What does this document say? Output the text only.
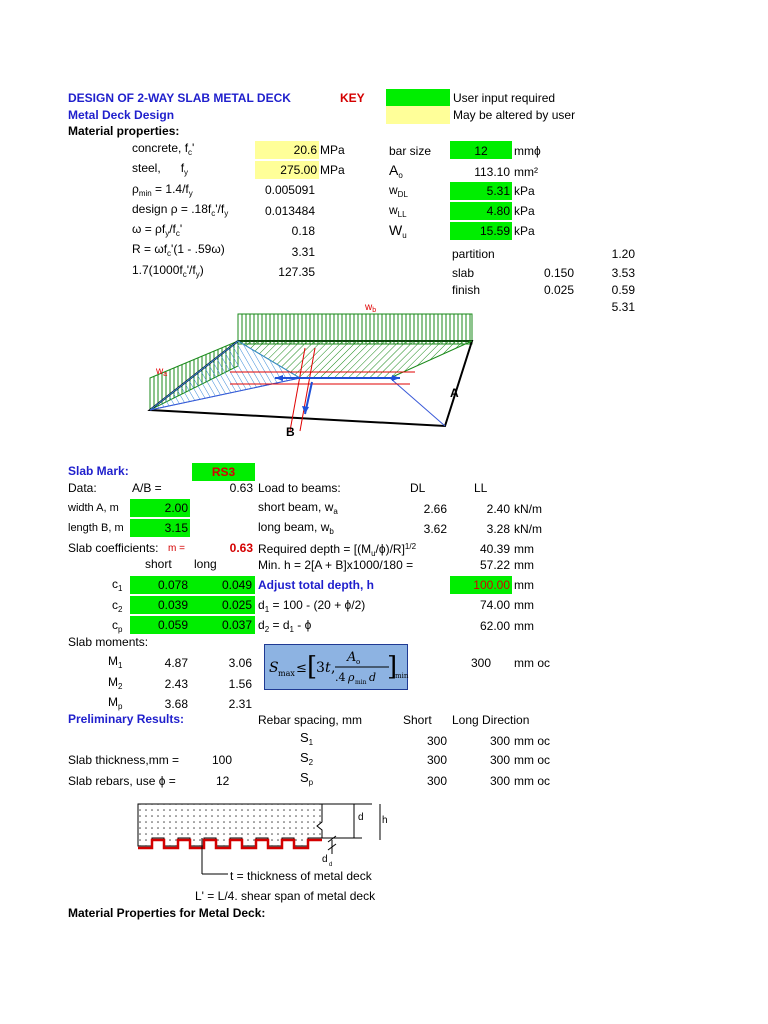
DESIGN OF 2-WAY SLAB METAL DECK
Metal Deck Design
Material properties:
KEY	User input required
May be altered by user
concrete, $f_c'$	20.6 MPa
steel,      $f_y$	275.00 MPa
$\rho_{min} = 1.4/f_y$	0.005091
design $\rho = .18f_c'/f_y$	0.013484
$\omega = \rho f_y/f_c'$	0.18
$R = \omega f_c'(1 - .59\omega)$	3.31
$1.7(1000f_c'/f_y)$	127.35
bar size	12	mmϕ
$A_o$	113.10 mm²
$w_{DL}$	5.31 kPa
$w_{LL}$	4.80 kPa
$W_u$	15.59 kPa
partition	1.20
slab	0.150	3.53
finish	0.025	0.59
5.31
$w_b$
$w_a$
A
B
Slab Mark:	RS3
Data:	A/B =	0.63
width A, m	2.00
length B, m	3.15
Slab coefficients: m =	0.63
short long
$c_1$	0.078	0.049
$c_2$	0.039	0.025
$c_p$	0.059	0.037
Slab moments:
$M_1$	4.87	3.06
$M_2$	2.43	1.56
$M_p$	3.68	2.31
Load to beams:	DL	LL
short beam, $w_a$	2.66	2.40 kN/m
long beam, $w_b$	3.62	3.28 kN/m
Required depth = $[(M_u/\phi)/R]^{1/2}$	40.39 mm
Min. h = 2[A + B]x1000/180 =	57.22 mm
Adjust total depth, h	100.00 mm
$d_1 = 100 - (20 + \phi/2)$	74.00 mm
$d_2 = d_1 - \phi$	62.00 mm
S max ≤ [
3 t ,
A o
.4 ρ min d ]
min
300 mm oc
Preliminary Results:	Rebar spacing, mm	Short Long Direction
$S_1$	300	300 mm oc
Slab thickness,mm =	100	$S_2$	300	300 mm oc
Slab rebars, use ϕ =	12	$S_p$	300	300 mm oc
d h
d d
t = thickness of metal deck
L' = L/4. shear span of metal deck
Material Properties for Metal Deck:
